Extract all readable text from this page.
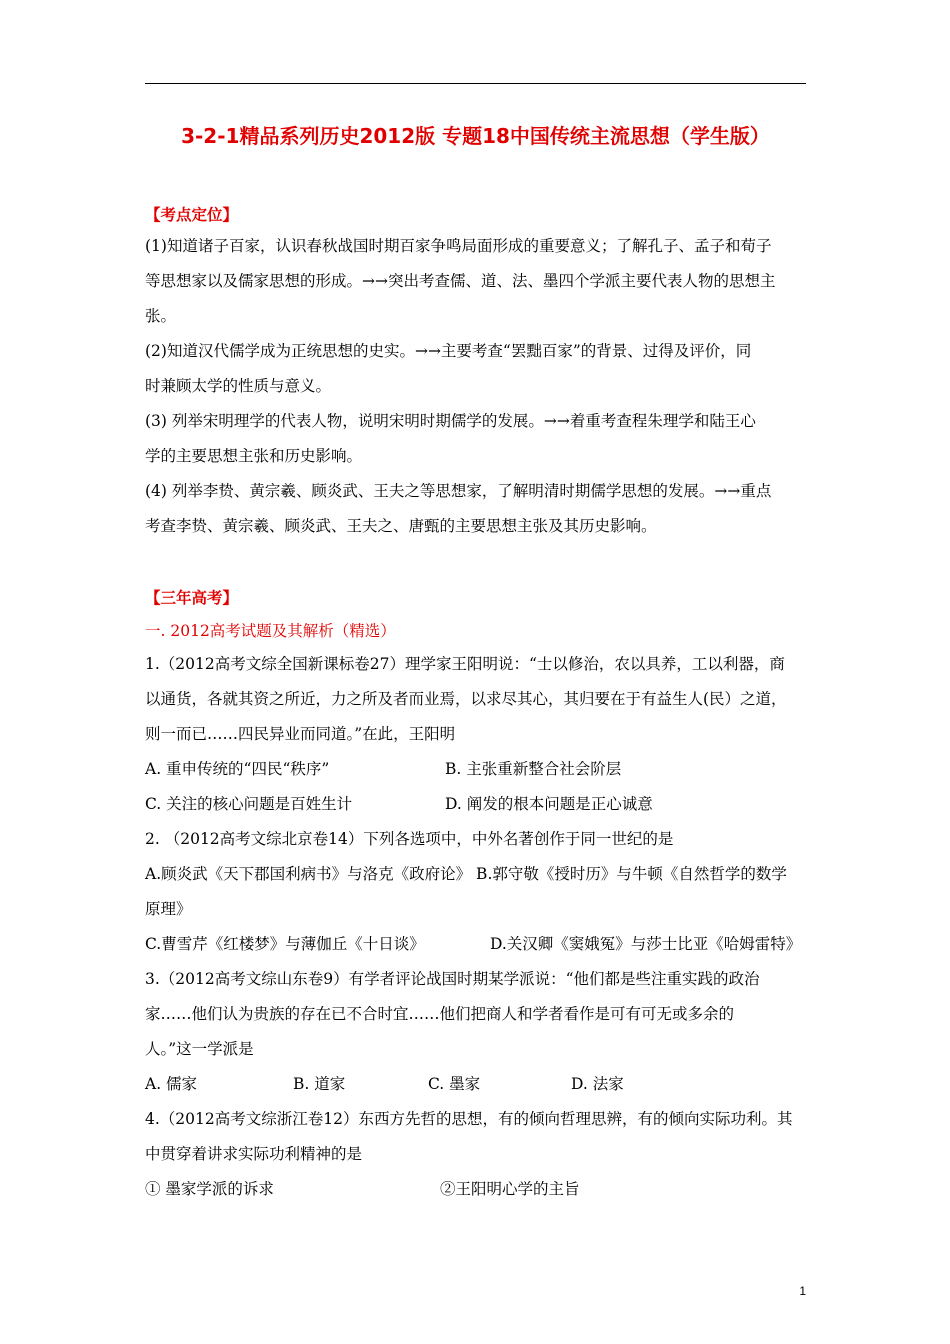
3-2-1精品系列历史2012版 专题18中国传统主流思想（学生版）
【考点定位】
(1)知道诸子百家，认识春秋战国时期百家争鸣局面形成的重要意义；了解孔子、孟子和荀子
等思想家以及儒家思想的形成。→→突出考查儒、道、法、墨四个学派主要代表人物的思想主
张。
(2)知道汉代儒学成为正统思想的史实。→→主要考查“罢黜百家”的背景、过得及评价，同
时兼顾太学的性质与意义。
(3) 列举宋明理学的代表人物，说明宋明时期儒学的发展。→→着重考查程朱理学和陆王心
学的主要思想主张和历史影响。
(4) 列举李贽、黄宗羲、顾炎武、王夫之等思想家，了解明清时期儒学思想的发展。→→重点
考查李贽、黄宗羲、顾炎武、王夫之、唐甄的主要思想主张及其历史影响。
【三年高考】
一. 2012高考试题及其解析（精选）
1.（2012高考文综全国新课标卷27）理学家王阳明说：“士以修治，农以具养，工以利器，商
以通货，各就其资之所近，力之所及者而业焉，以求尽其心，其归要在于有益生人(民）之道，
则一而已……四民异业而同道。”在此，王阳明
A. 重申传统的“四民“秩序”	B. 主张重新整合社会阶层
C. 关注的核心问题是百姓生计	D. 阐发的根本问题是正心诚意
2. （2012高考文综北京卷14）下列各选项中，中外名著创作于同一世纪的是
A.顾炎武《天下郡国利病书》与洛克《政府论》 B.郭守敬《授时历》与牛顿《自然哲学的数学
原理》
C.曹雪芹《红楼梦》与薄伽丘《十日谈》	D.关汉卿《窦娥冤》与莎士比亚《哈姆雷特》
3.（2012高考文综山东卷9）有学者评论战国时期某学派说：“他们都是些注重实践的政治
家……他们认为贵族的存在已不合时宜……他们把商人和学者看作是可有可无或多余的
人。”这一学派是
A. 儒家	B. 道家	C. 墨家	D. 法家
4.（2012高考文综浙江卷12）东西方先哲的思想，有的倾向哲理思辨，有的倾向实际功利。其
中贯穿着讲求实际功利精神的是
① 墨家学派的诉求	②王阳明心学的主旨
1
